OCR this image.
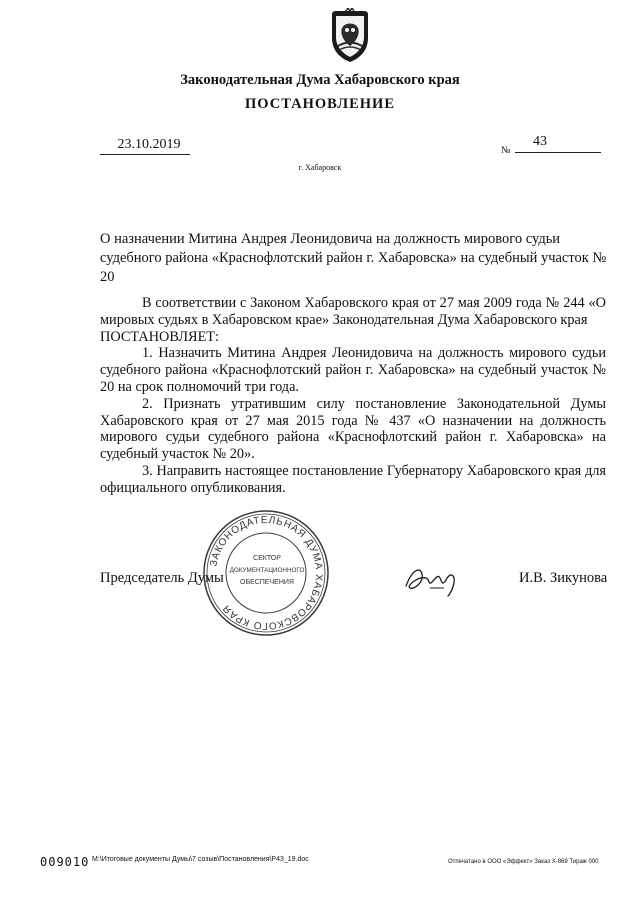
Законодательная Дума Хабаровского края
ПОСТАНОВЛЕНИЕ
23.10.2019
г. Хабаровск
№
43
О назначении Митина Андрея Леонидовича на должность мирового судьи судебного района «Краснофлотский район г. Хабаровска» на судебный участок № 20

В соответствии с Законом Хабаровского края от 27 мая 2009 года № 244 «О мировых судьях в Хабаровском крае» Законодательная Дума Хабаровского края

ПОСТАНОВЛЯЕТ:

1. Назначить Митина Андрея Леонидовича на должность мирового судьи судебного района «Краснофлотский район г. Хабаровска» на судебный участок № 20 на срок полномочий три года.

2. Признать утратившим силу постановление Законодательной Думы Хабаровского края от 27 мая 2015 года № 437 «О назначении на должность мирового судьи судебного района «Краснофлотский район г. Хабаровска» на судебный участок № 20».

3. Направить настоящее постановление Губернатору Хабаровского края для официального опубликования.

Председатель Думы
ЗАКОНОДАТЕЛЬНАЯ ДУМА ХАБАРОВСКОГО КРАЯ
СЕКТОР
ДОКУМЕНТАЦИОННОГО
ОБЕСПЕЧЕНИЯ	И.В. Зикунова
009010 M:\Итоговые документы Думы\7 созыв\Постановления\Р43_19.doc	Отпечатано в ООО «Эффект» Заказ Х-869 Тираж 000
